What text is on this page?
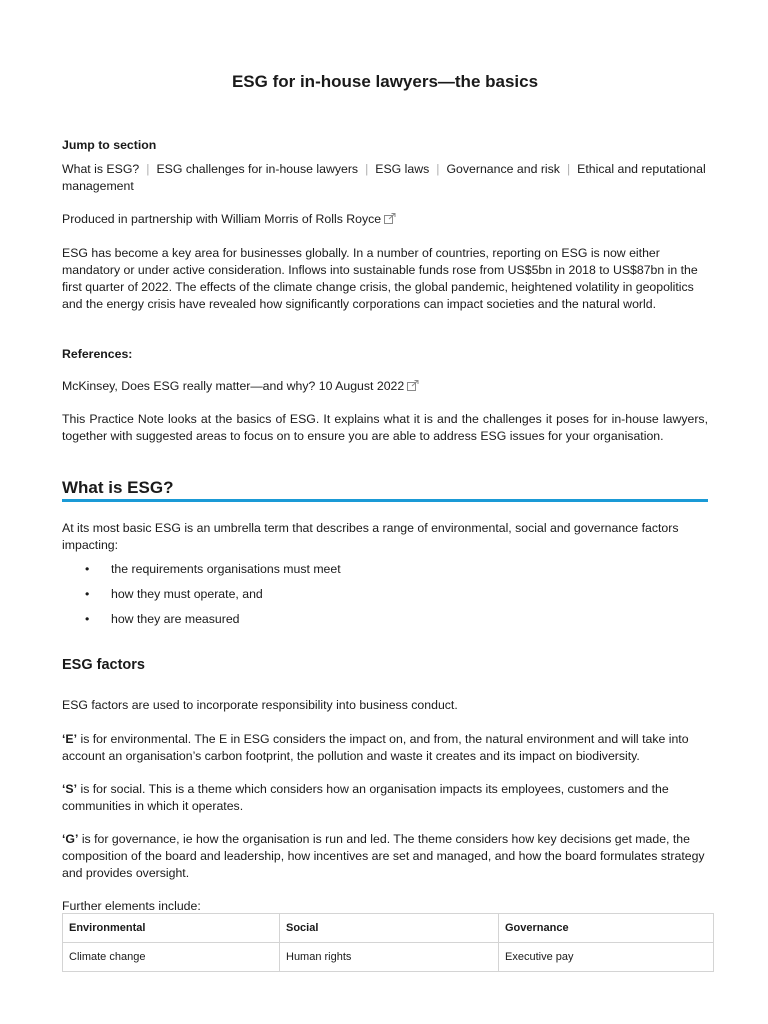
ESG for in-house lawyers—the basics

Jump to section

What is ESG? | ESG challenges for in-house lawyers | ESG laws | Governance and risk | Ethical and reputational management

Produced in partnership with William Morris of Rolls Royce

ESG has become a key area for businesses globally. In a number of countries, reporting on ESG is now either mandatory or under active consideration. Inflows into sustainable funds rose from US$5bn in 2018 to US$87bn in the first quarter of 2022. The effects of the climate change crisis, the global pandemic, heightened volatility in geopolitics and the energy crisis have revealed how significantly corporations can impact societies and the natural world.

References:

McKinsey, Does ESG really matter—and why? 10 August 2022

This Practice Note looks at the basics of ESG. It explains what it is and the challenges it poses for in-house lawyers, together with suggested areas to focus on to ensure you are able to address ESG issues for your organisation.

What is ESG?

At its most basic ESG is an umbrella term that describes a range of environmental, social and governance factors impacting:

• the requirements organisations must meet
• how they must operate, and
• how they are measured
ESG factors

ESG factors are used to incorporate responsibility into business conduct.

‘E’ is for environmental. The E in ESG considers the impact on, and from, the natural environment and will take into account an organisation’s carbon footprint, the pollution and waste it creates and its impact on biodiversity.

‘S’ is for social. This is a theme which considers how an organisation impacts its employees, customers and the communities in which it operates.

‘G’ is for governance, ie how the organisation is run and led. The theme considers how key decisions get made, the composition of the board and leadership, how incentives are set and managed, and how the board formulates strategy and provides oversight.

Further elements include:

Environmental	Social	Governance

Climate change	Human rights	Executive pay
